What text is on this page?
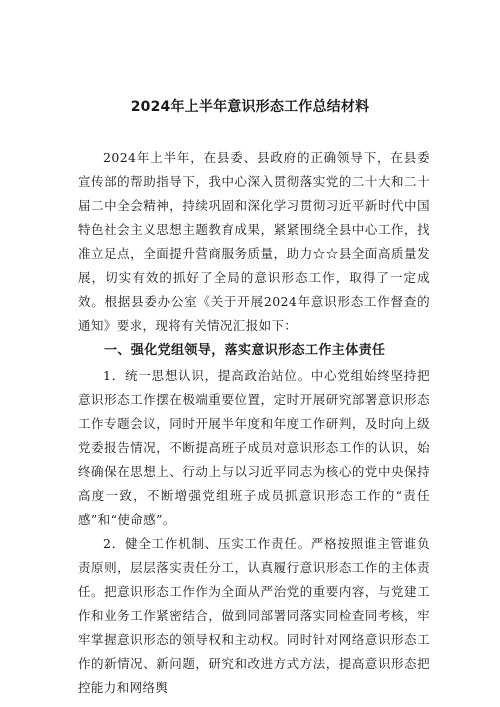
2024年上半年意识形态工作总结材料

2024年上半年，在县委、县政府的正确领导下，在县委宣传部的帮助指导下，我中心深入贯彻落实党的二十大和二十届二中全会精神，持续巩固和深化学习贯彻习近平新时代中国特色社会主义思想主题教育成果，紧紧围绕全县中心工作，找准立足点，全面提升营商服务质量，助力☆☆县全面高质量发展，切实有效的抓好了全局的意识形态工作，取得了一定成效。根据县委办公室《关于开展2024年意识形态工作督查的通知》要求，现将有关情况汇报如下：

一、强化党组领导，落实意识形态工作主体责任

1．统一思想认识，提高政治站位。中心党组始终坚持把意识形态工作摆在极端重要位置，定时开展研究部署意识形态工作专题会议，同时开展半年度和年度工作研判，及时向上级党委报告情况，不断提高班子成员对意识形态工作的认识，始终确保在思想上、行动上与以习近平同志为核心的党中央保持高度一致，不断增强党组班子成员抓意识形态工作的“责任感”和“使命感”。

2．健全工作机制、压实工作责任。严格按照谁主管谁负责原则，层层落实责任分工，认真履行意识形态工作的主体责任。把意识形态工作作为全面从严治党的重要内容，与党建工作和业务工作紧密结合，做到同部署同落实同检查同考核，牢牢掌握意识形态的领导权和主动权。同时针对网络意识形态工作的新情况、新问题，研究和改进方式方法，提高意识形态把控能力和网络舆
